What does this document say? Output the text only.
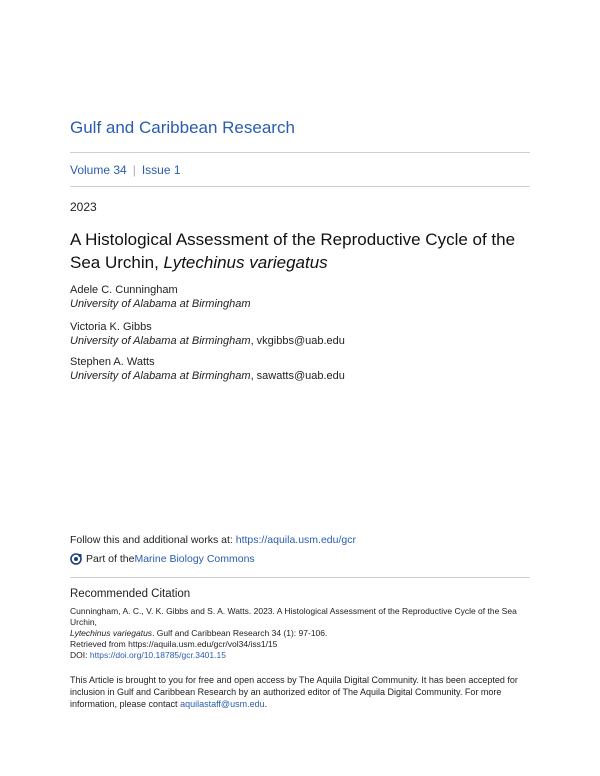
Gulf and Caribbean Research
Volume 34 | Issue 1
2023
A Histological Assessment of the Reproductive Cycle of the Sea Urchin, Lytechinus variegatus
Adele C. Cunningham
University of Alabama at Birmingham
Victoria K. Gibbs
University of Alabama at Birmingham, vkgibbs@uab.edu
Stephen A. Watts
University of Alabama at Birmingham, sawatts@uab.edu
Follow this and additional works at: https://aquila.usm.edu/gcr
Part of the Marine Biology Commons
Recommended Citation
Cunningham, A. C., V. K. Gibbs and S. A. Watts. 2023. A Histological Assessment of the Reproductive Cycle of the Sea Urchin,
Lytechinus variegatus. Gulf and Caribbean Research 34 (1): 97-106.
Retrieved from https://aquila.usm.edu/gcr/vol34/iss1/15
DOI: https://doi.org/10.18785/gcr.3401.15
This Article is brought to you for free and open access by The Aquila Digital Community. It has been accepted for inclusion in Gulf and Caribbean Research by an authorized editor of The Aquila Digital Community. For more information, please contact aquilastaff@usm.edu.
